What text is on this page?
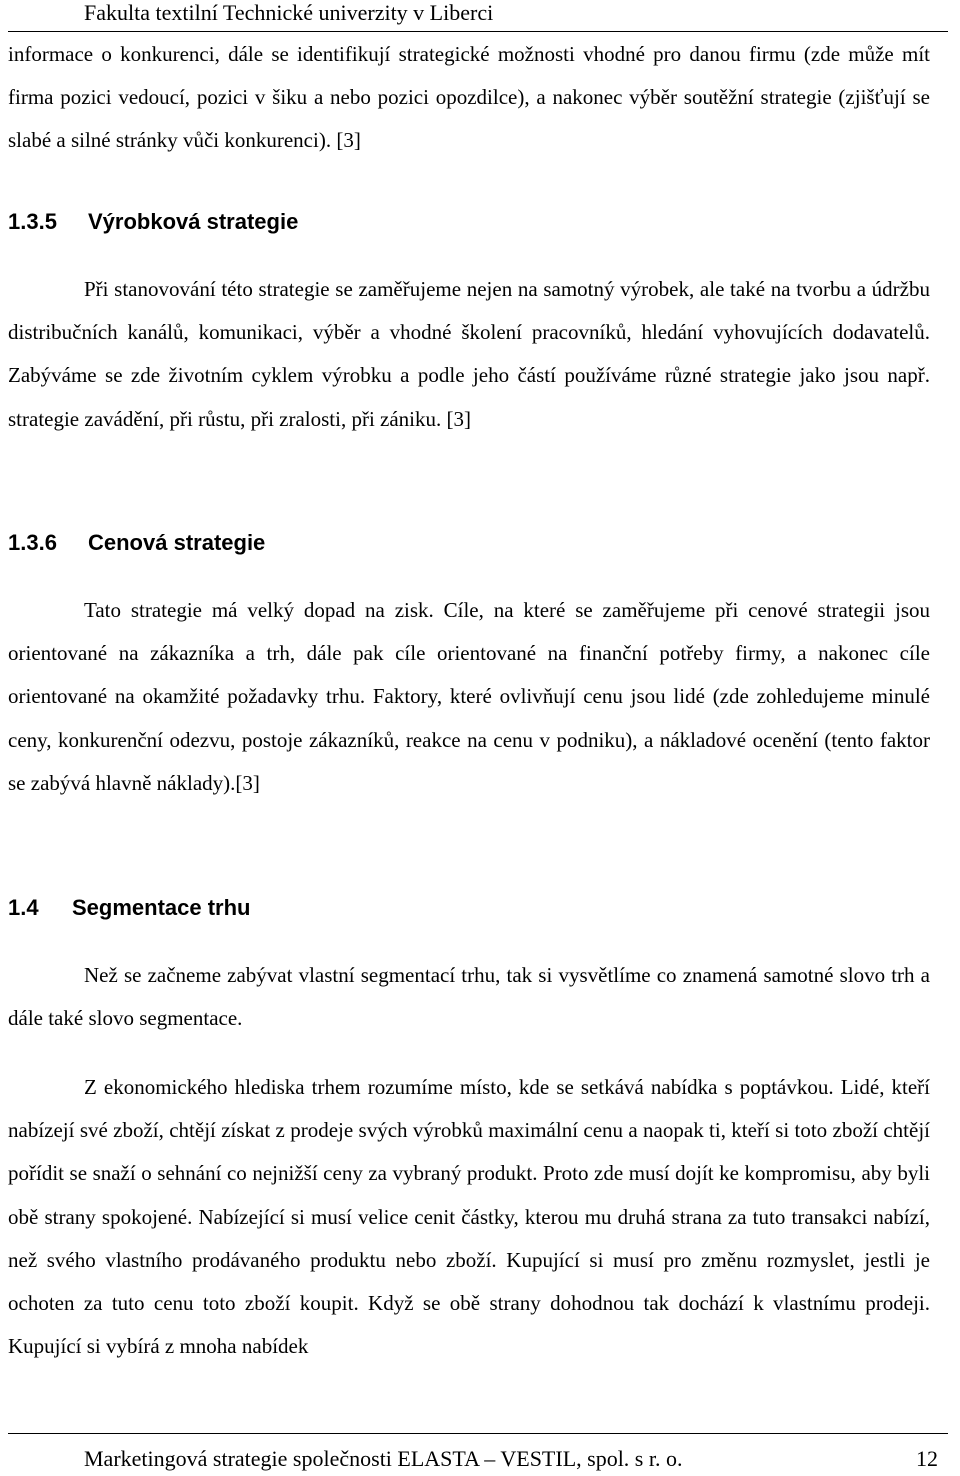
Fakulta textilní Technické univerzity v Liberci

informace o konkurenci, dále se identifikují strategické možnosti vhodné pro danou firmu (zde může mít firma pozici vedoucí, pozici v šiku a nebo pozici opozdilce), a nakonec výběr soutěžní strategie (zjišťují se slabé a silné stránky vůči konkurenci). [3]

1.3.5 Výrobková strategie

Při stanovování této strategie se zaměřujeme nejen na samotný výrobek, ale také na tvorbu a údržbu distribučních kanálů, komunikaci, výběr a vhodné školení pracovníků, hledání vyhovujících dodavatelů. Zabýváme se zde životním cyklem výrobku a podle jeho částí používáme různé strategie jako jsou např. strategie zavádění, při růstu, při zralosti, při zániku. [3]

1.3.6 Cenová strategie

Tato strategie má velký dopad na zisk. Cíle, na které se zaměřujeme při cenové strategii jsou orientované na zákazníka a trh, dále pak cíle orientované na finanční potřeby firmy, a nakonec cíle orientované na okamžité požadavky trhu. Faktory, které ovlivňují cenu jsou lidé (zde zohledujeme minulé ceny, konkurenční odezvu, postoje zákazníků, reakce na cenu v podniku), a nákladové ocenění (tento faktor se zabývá hlavně náklady).[3]

1.4 Segmentace trhu

Než se začneme zabývat vlastní segmentací trhu, tak si vysvětlíme co znamená samotné slovo trh a dále také slovo segmentace.

Z ekonomického hlediska trhem rozumíme místo, kde se setkává nabídka s poptávkou. Lidé, kteří nabízejí své zboží, chtějí získat z prodeje svých výrobků maximální cenu a naopak ti, kteří si toto zboží chtějí pořídit se snaží o sehnání co nejnižší ceny za vybraný produkt. Proto zde musí dojít ke kompromisu, aby byli obě strany spokojené. Nabízející si musí velice cenit částky, kterou mu druhá strana za tuto transakci nabízí, než svého vlastního prodávaného produktu nebo zboží. Kupující si musí pro změnu rozmyslet, jestli je ochoten za tuto cenu toto zboží koupit. Když se obě strany dohodnou tak dochází k vlastnímu prodeji. Kupující si vybírá z mnoha nabídek

Marketingová strategie společnosti ELASTA – VESTIL, spol. s r. o.	12
